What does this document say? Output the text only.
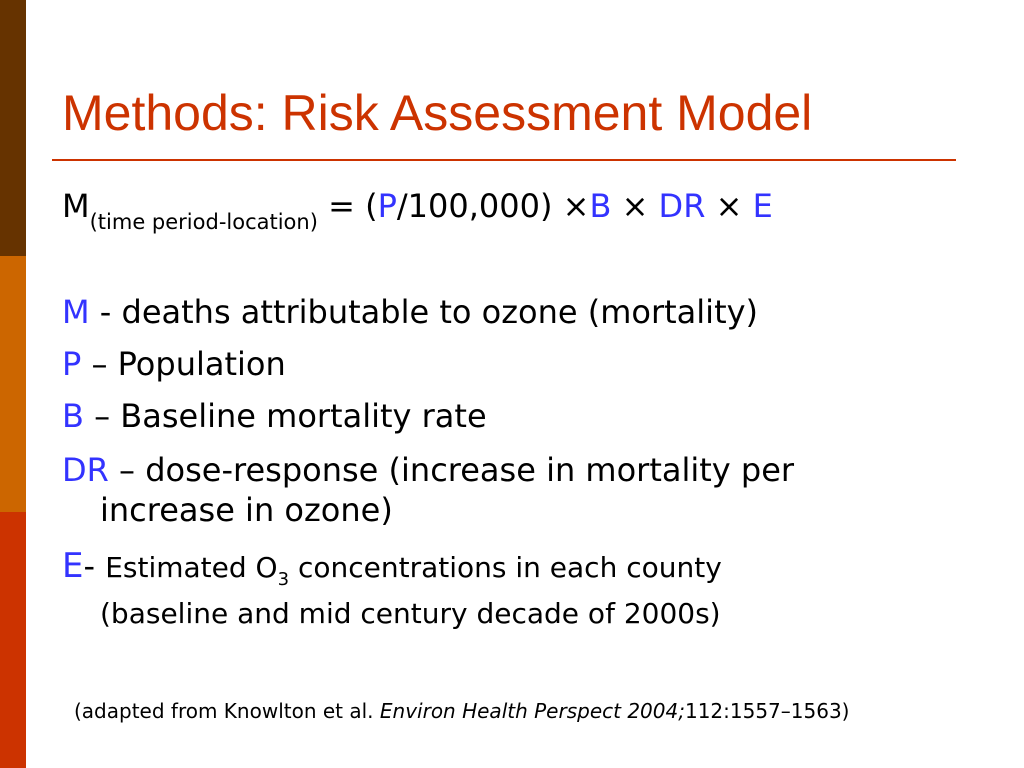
Methods: Risk Assessment Model
$M_{(time period-location)} = (P/100,000) \times B$ × DR × E
M - deaths attributable to ozone (mortality)
P – Population
B – Baseline mortality rate
DR – dose-response (increase in mortality per
increase in ozone)
E- Estimated $O_3$ concentrations in each county
(baseline and mid century decade of 2000s)
(adapted from Knowlton et al. Environ Health Perspect 2004;112:1557–1563)
